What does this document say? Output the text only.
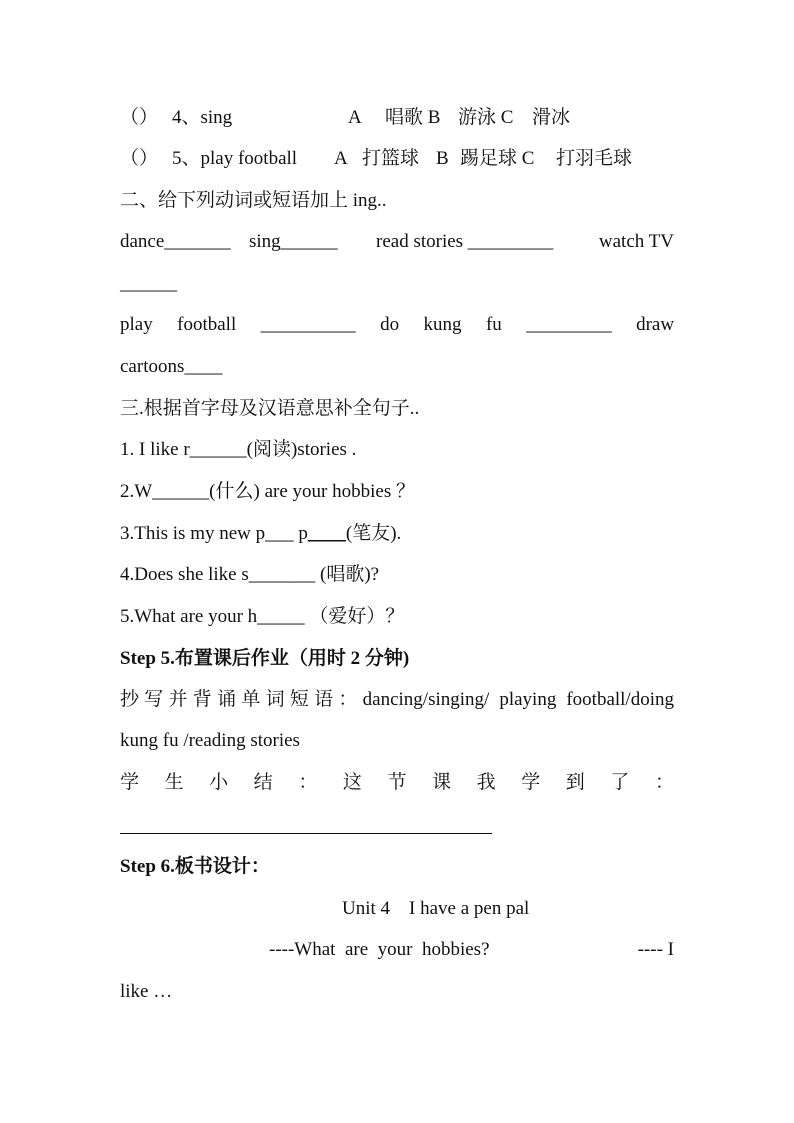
（） 4、sing	A 唱歌 B 游泳 C 滑冰
（） 5、play football A 打篮球 B 踢足球 C 打羽毛球
二、给下列动词或短语加上 ing..
dance_______ sing______ read stories _________ watch TV
______
play football __________ do kung fu _________ draw
cartoons____
三.根据首字母及汉语意思补全句子..
1. I like r______(阅读)stories .
2.W______(什么) are your hobbies ？
3.This is my new p___ p____(笔友).
4.Does she like s_______ (唱歌)?
5.What are your h_____ （爱好）？
Step 5.布置课后作业（用时 2 分钟)
抄写并背诵单词短语：dancing/singing/ playing football/doing
kung fu /reading stories
学 生 小 结 ： 这 节 课 我 学 到 了 ：
Step 6.板书设计：
Unit 4    I have a pen pal
----What  are  your  hobbies?	---- I
like …
